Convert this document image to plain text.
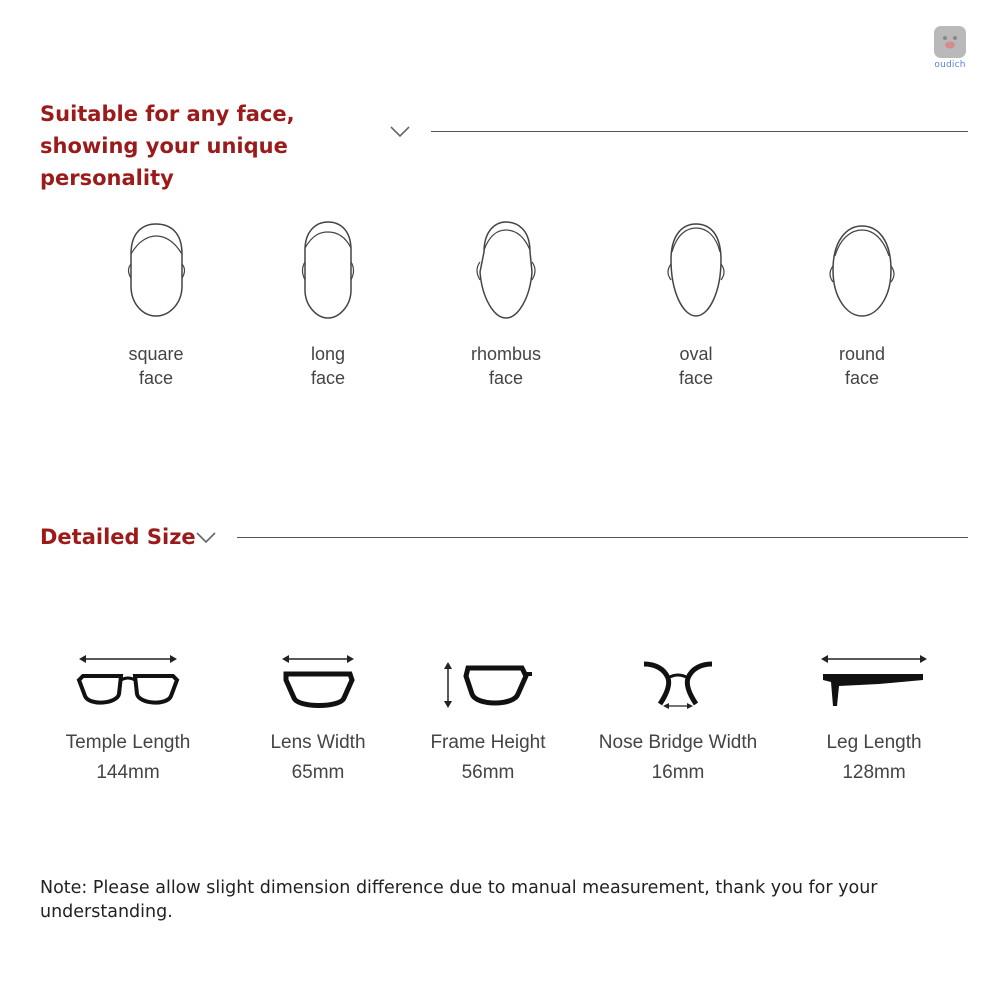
oudich
Suitable for any face, showing your unique personality
square
face
long
face
rhombus
face
oval
face
round
face
Detailed Size
Temple Length
144mm
Lens Width
65mm
Frame Height
56mm
Nose Bridge Width
16mm
Leg Length
128mm

Note: Please allow slight dimension difference due to manual measurement, thank you for your understanding.
